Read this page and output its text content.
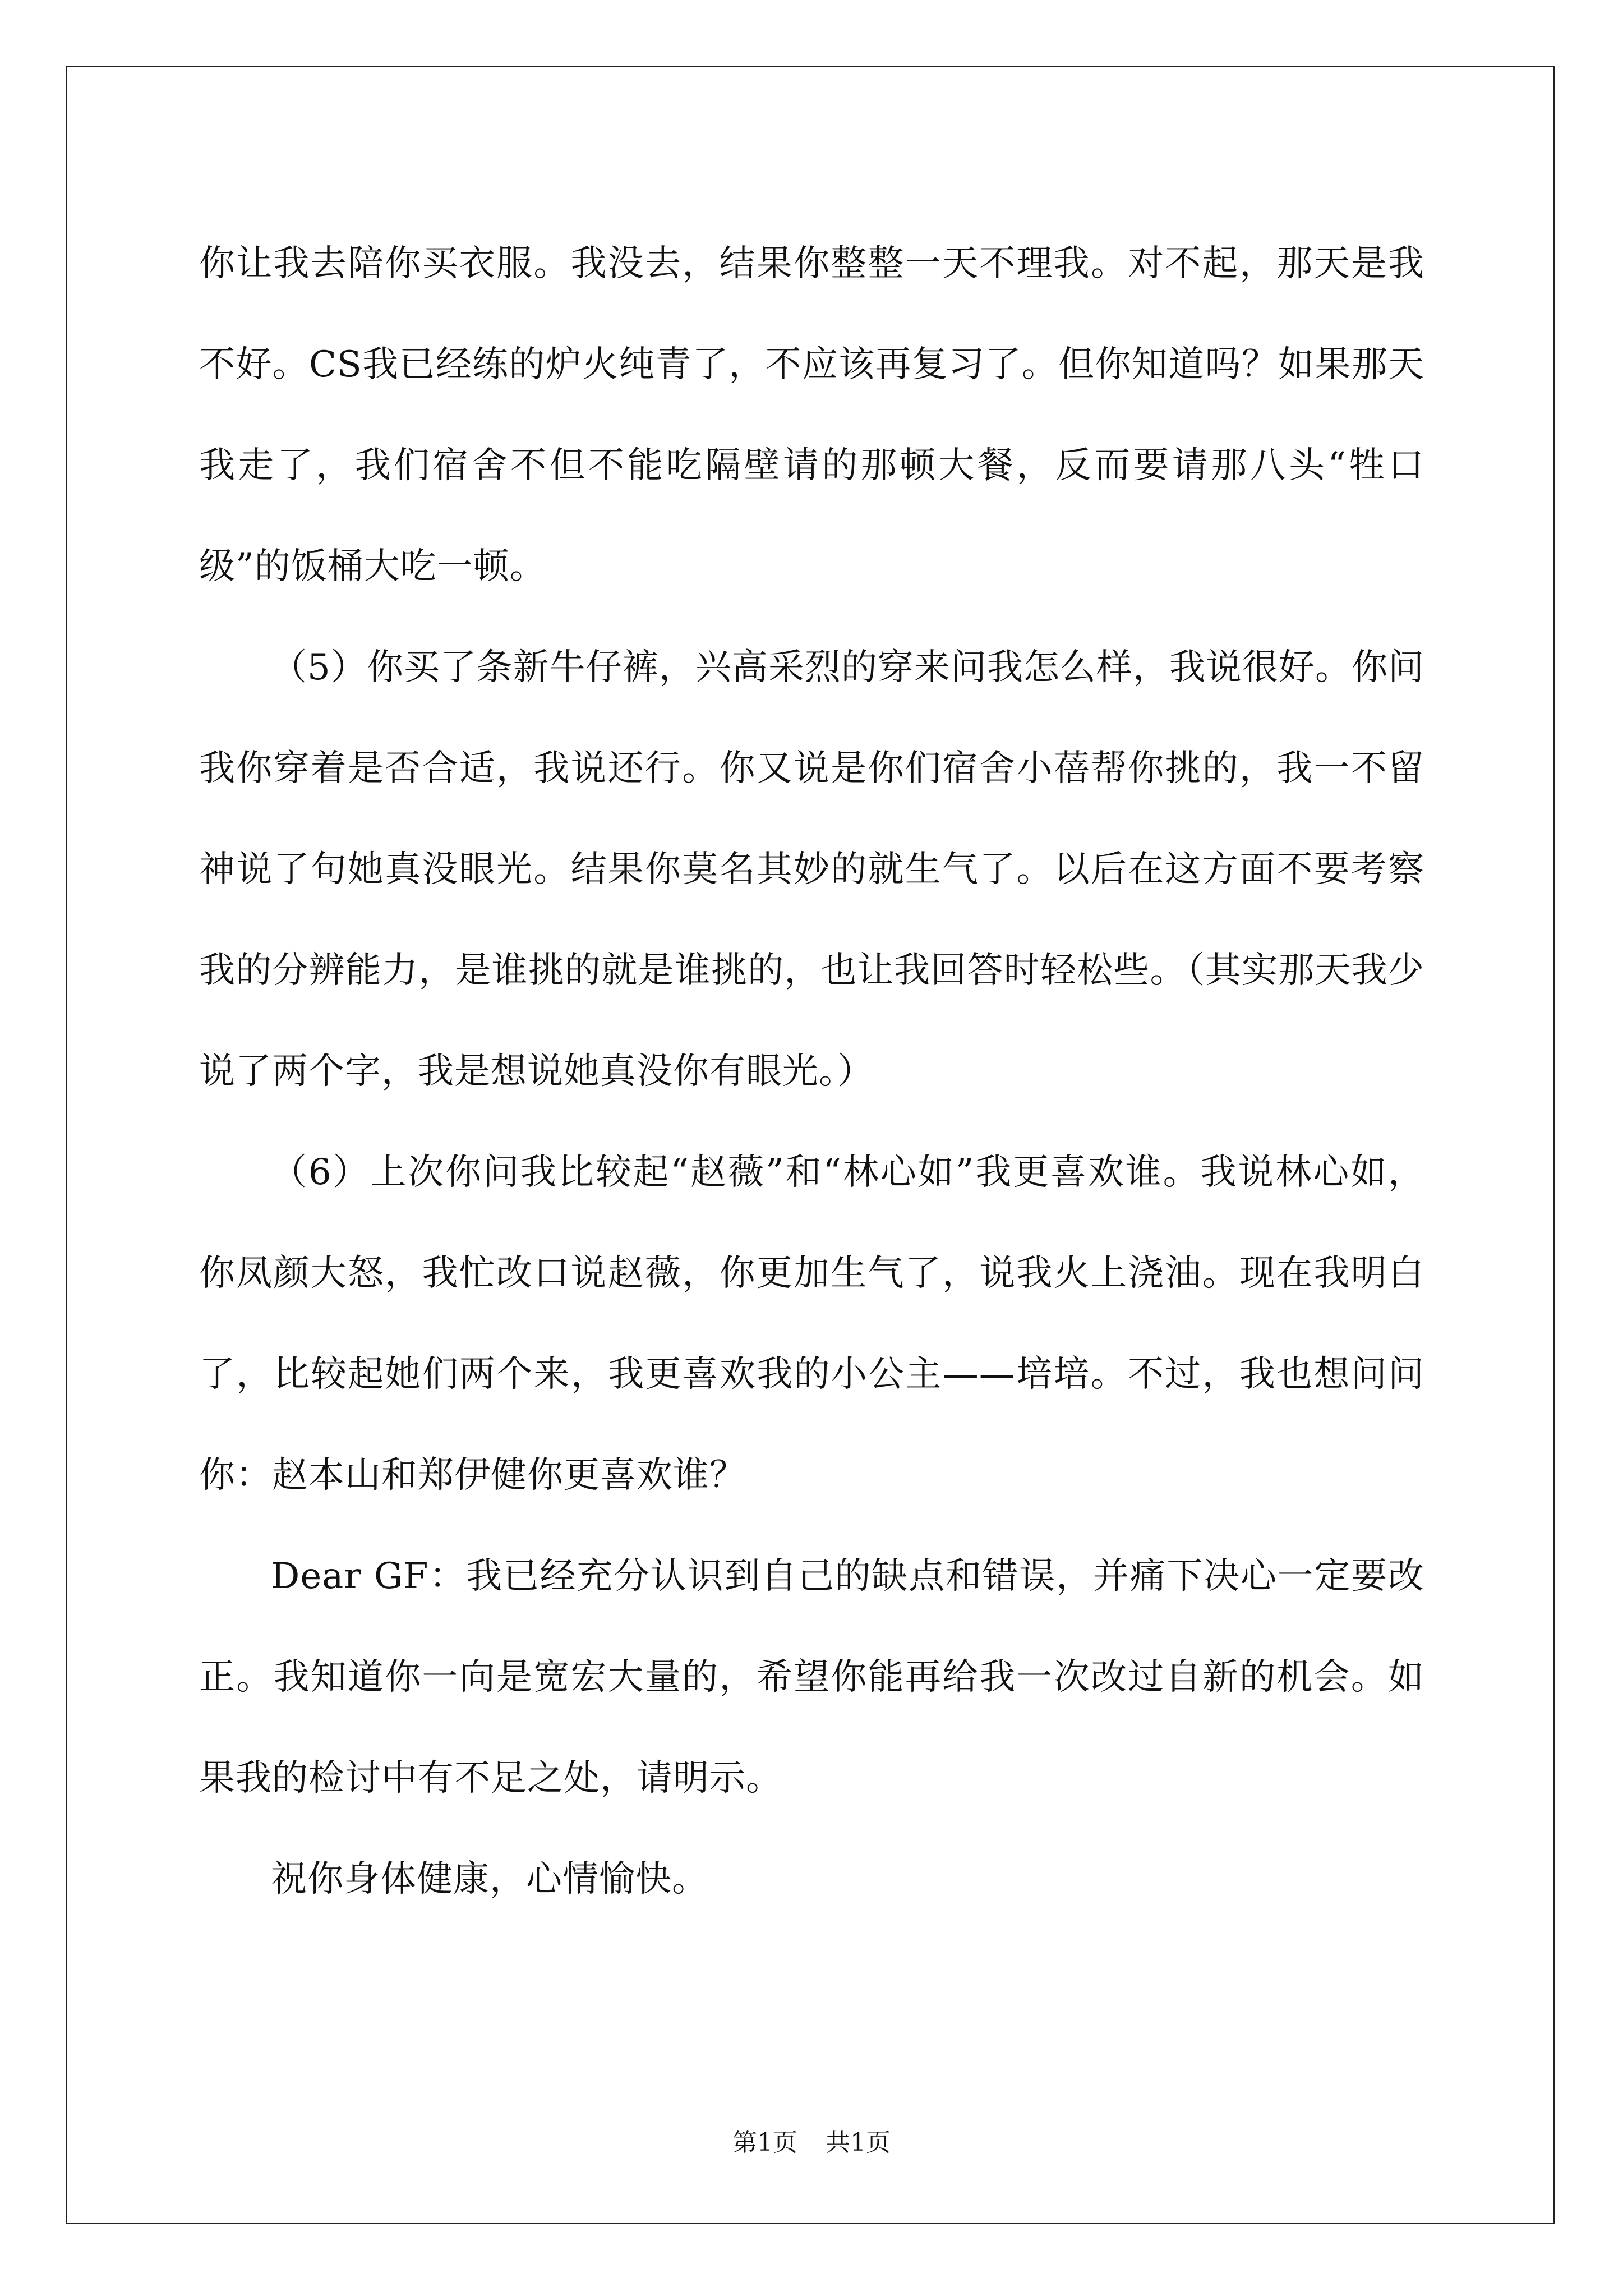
你让我去陪你买衣服。我没去，结果你整整一天不理我。对不起，那天是我不好。CS我已经练的炉火纯青了，不应该再复习了。但你知道吗？如果那天我走了，我们宿舍不但不能吃隔壁请的那顿大餐，反而要请那八头“牲口级”的饭桶大吃一顿。

（5）你买了条新牛仔裤，兴高采烈的穿来问我怎么样，我说很好。你问我你穿着是否合适，我说还行。你又说是你们宿舍小蓓帮你挑的，我一不留神说了句她真没眼光。结果你莫名其妙的就生气了。以后在这方面不要考察我的分辨能力，是谁挑的就是谁挑的，也让我回答时轻松些。（其实那天我少说了两个字，我是想说她真没你有眼光。）

（6）上次你问我比较起“赵薇”和“林心如”我更喜欢谁。我说林心如，你凤颜大怒，我忙改口说赵薇，你更加生气了，说我火上浇油。现在我明白了，比较起她们两个来，我更喜欢我的小公主——培培。不过，我也想问问你：赵本山和郑伊健你更喜欢谁？

Dear GF：我已经充分认识到自己的缺点和错误，并痛下决心一定要改正。我知道你一向是宽宏大量的，希望你能再给我一次改过自新的机会。如果我的检讨中有不足之处，请明示。

祝你身体健康，心情愉快。

第1页 共1页
